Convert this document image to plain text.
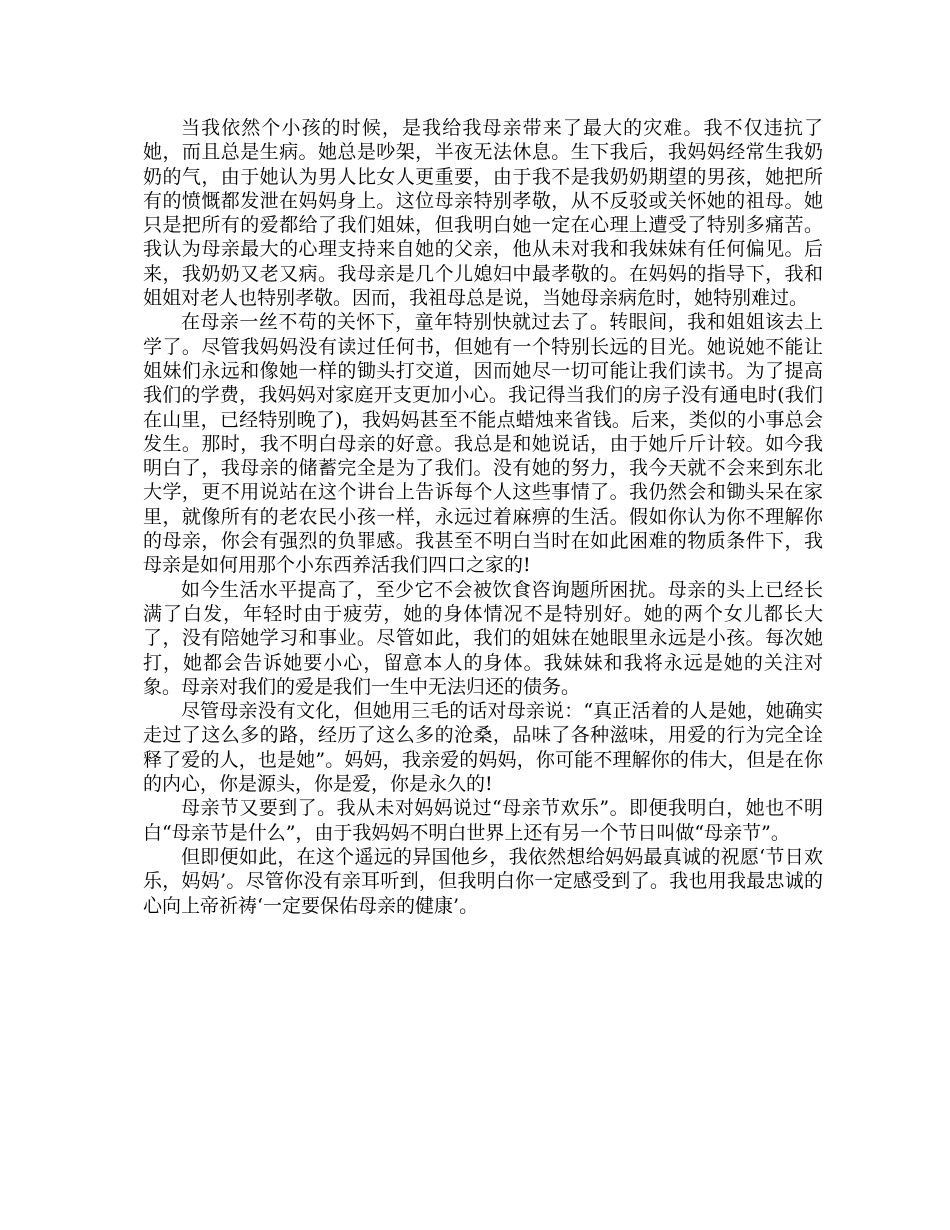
当我依然个小孩的时候，是我给我母亲带来了最大的灾难。我不仅违抗了她，而且总是生病。她总是吵架，半夜无法休息。生下我后，我妈妈经常生我奶奶的气，由于她认为男人比女人更重要，由于我不是我奶奶期望的男孩，她把所有的愤慨都发泄在妈妈身上。这位母亲特别孝敬，从不反驳或关怀她的祖母。她只是把所有的爱都给了我们姐妹，但我明白她一定在心理上遭受了特别多痛苦。我认为母亲最大的心理支持来自她的父亲，他从未对我和我妹妹有任何偏见。后来，我奶奶又老又病。我母亲是几个儿媳妇中最孝敬的。在妈妈的指导下，我和姐姐对老人也特别孝敬。因而，我祖母总是说，当她母亲病危时，她特别难过。

在母亲一丝不苟的关怀下，童年特别快就过去了。转眼间，我和姐姐该去上学了。尽管我妈妈没有读过任何书，但她有一个特别长远的目光。她说她不能让姐妹们永远和像她一样的锄头打交道，因而她尽一切可能让我们读书。为了提高我们的学费，我妈妈对家庭开支更加小心。我记得当我们的房子没有通电时(我们在山里，已经特别晚了)，我妈妈甚至不能点蜡烛来省钱。后来，类似的小事总会发生。那时，我不明白母亲的好意。我总是和她说话，由于她斤斤计较。如今我明白了，我母亲的储蓄完全是为了我们。没有她的努力，我今天就不会来到东北大学，更不用说站在这个讲台上告诉每个人这些事情了。我仍然会和锄头呆在家里，就像所有的老农民小孩一样，永远过着麻痹的生活。假如你认为你不理解你的母亲，你会有强烈的负罪感。我甚至不明白当时在如此困难的物质条件下，我母亲是如何用那个小东西养活我们四口之家的!

如今生活水平提高了，至少它不会被饮食咨询题所困扰。母亲的头上已经长满了白发，年轻时由于疲劳，她的身体情况不是特别好。她的两个女儿都长大了，没有陪她学习和事业。尽管如此，我们的姐妹在她眼里永远是小孩。每次她打，她都会告诉她要小心，留意本人的身体。我妹妹和我将永远是她的关注对象。母亲对我们的爱是我们一生中无法归还的债务。

尽管母亲没有文化，但她用三毛的话对母亲说：“真正活着的人是她，她确实走过了这么多的路，经历了这么多的沧桑，品味了各种滋味，用爱的行为完全诠释了爱的人，也是她”。妈妈，我亲爱的妈妈，你可能不理解你的伟大，但是在你的内心，你是源头，你是爱，你是永久的!

母亲节又要到了。我从未对妈妈说过“母亲节欢乐”。即便我明白，她也不明白“母亲节是什么”，由于我妈妈不明白世界上还有另一个节日叫做“母亲节”。

但即便如此，在这个遥远的异国他乡，我依然想给妈妈最真诚的祝愿‘节日欢乐，妈妈’。尽管你没有亲耳听到，但我明白你一定感受到了。我也用我最忠诚的心向上帝祈祷‘一定要保佑母亲的健康’。
